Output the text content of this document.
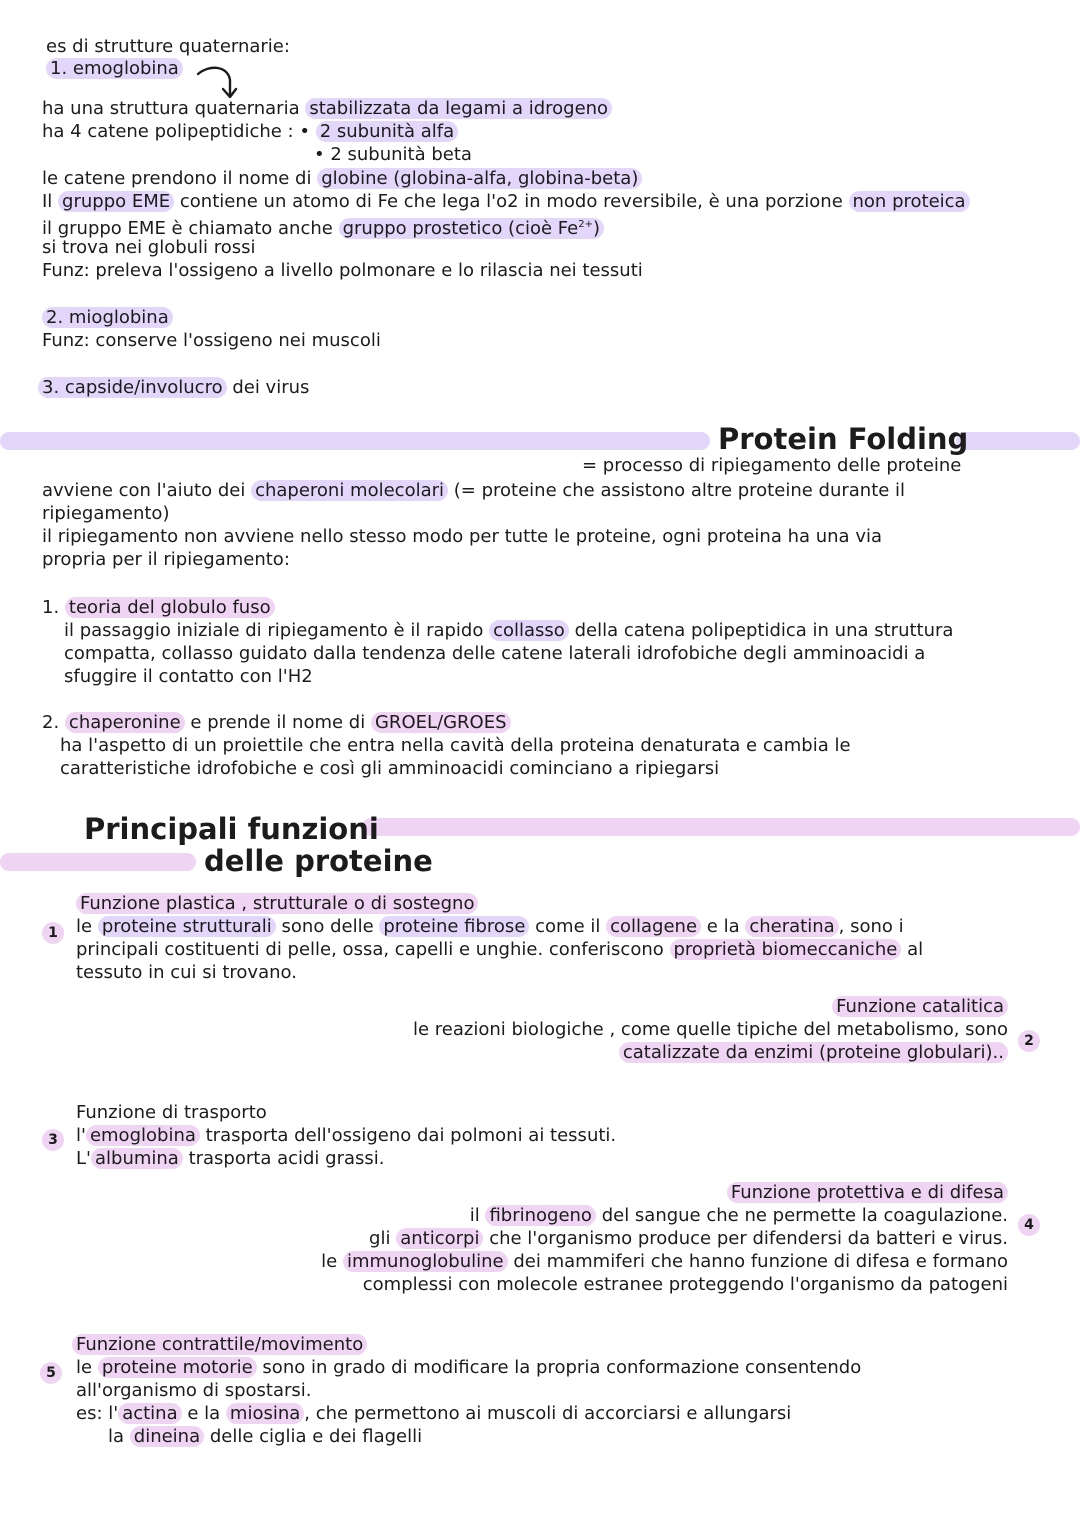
es di strutture quaternarie:
1. emoglobina
ha una struttura quaternaria stabilizzata da legami a idrogeno
ha 4 catene polipeptidiche : • 2 subunità alfa
• 2 subunità beta
le catene prendono il nome di globine (globina-alfa, globina-beta)
Il gruppo EME contiene un atomo di Fe che lega l'o2 in modo reversibile, è una porzione non proteica
il gruppo EME è chiamato anche gruppo prostetico (cioè $Fe^{2+}$)
si trova nei globuli rossi
Funz: preleva l'ossigeno a livello polmonare e lo rilascia nei tessuti
2. mioglobina
Funz: conserve l'ossigeno nei muscoli
3. capside/involucro dei virus
Protein Folding
= processo di ripiegamento delle proteine
avviene con l'aiuto dei chaperoni molecolari (= proteine che assistono altre proteine durante il
ripiegamento)
il ripiegamento non avviene nello stesso modo per tutte le proteine, ogni proteina ha una via
propria per il ripiegamento:
1. teoria del globulo fuso
il passaggio iniziale di ripiegamento è il rapido collasso della catena polipeptidica in una struttura
compatta, collasso guidato dalla tendenza delle catene laterali idrofobiche degli amminoacidi a
sfuggire il contatto con l'H2
2. chaperonine e prende il nome di GROEL/GROES
ha l'aspetto di un proiettile che entra nella cavità della proteina denaturata e cambia le
caratteristiche idrofobiche e così gli amminoacidi cominciano a ripiegarsi
Principali funzioni
delle proteine
1
Funzione plastica , strutturale o di sostegno
le proteine strutturali sono delle proteine fibrose come il collagene e la cheratina , sono i
principali costituenti di pelle, ossa, capelli e unghie. conferiscono proprietà biomeccaniche al
tessuto in cui si trovano.
Funzione catalitica
le reazioni biologiche , come quelle tipiche del metabolismo, sono
catalizzate da enzimi (proteine globulari)..
2
Funzione di trasporto
3	l' emoglobina trasporta dell'ossigeno dai polmoni ai tessuti.
L' albumina trasporta acidi grassi.
Funzione protettiva e di difesa
4
il fibrinogeno del sangue che ne permette la coagulazione.
gli anticorpi che l'organismo produce per difendersi da batteri e virus.
le immunoglobuline dei mammiferi che hanno funzione di difesa e formano
complessi con molecole estranee proteggendo l'organismo da patogeni
Funzione contrattile/movimento
5	le proteine motorie sono in grado di modificare la propria conformazione consentendo
all'organismo di spostarsi.
es: l' actina e la miosina , che permettono ai muscoli di accorciarsi e allungarsi
la dineina delle ciglia e dei flagelli
